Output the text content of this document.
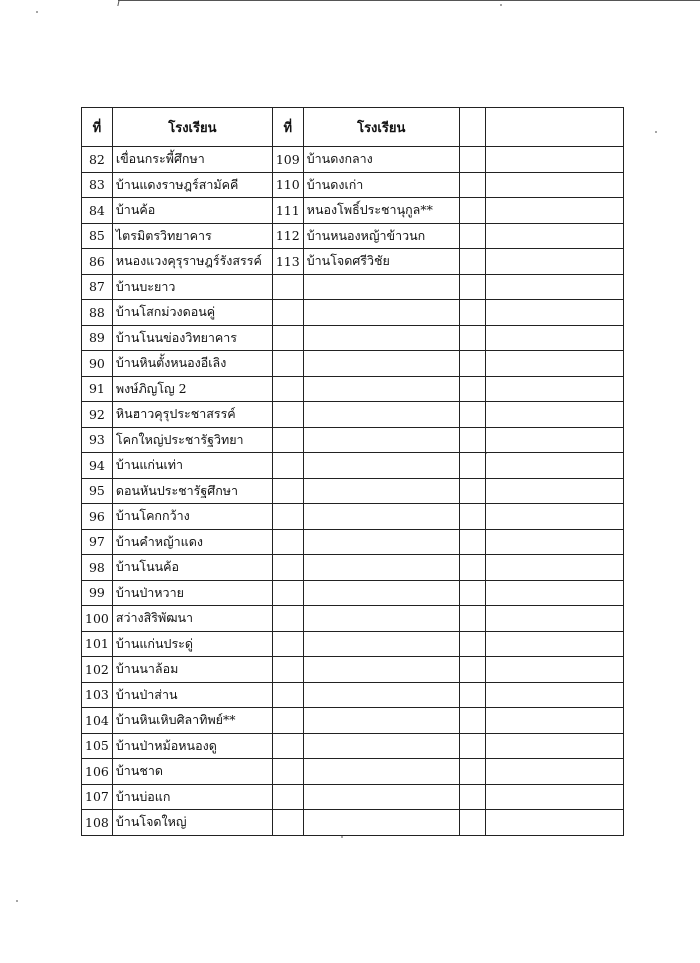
ที่	โรงเรียน	ที่	โรงเรียน		
82	เขื่อนกระพี้ศึกษา	109	บ้านดงกลาง		
83	บ้านแดงราษฎร์สามัคคี	110	บ้านดงเก่า		
84	บ้านค้อ	111	หนองโพธิ์ประชานุกูล**		
85	ไตรมิตรวิทยาคาร	112	บ้านหนองหญ้าข้าวนก		
86	หนองแวงคุรุราษฎร์รังสรรค์	113	บ้านโจดศรีวิชัย		
87	บ้านบะยาว				
88	บ้านโสกม่วงดอนคู่				
89	บ้านโนนข่องวิทยาคาร				
90	บ้านหินตั้งหนองอีเลิง				
91	พงษ์ภิญโญ 2				
92	หินฮาวคุรุประชาสรรค์				
93	โคกใหญ่ประชารัฐวิทยา				
94	บ้านแก่นเท่า				
95	ดอนหันประชารัฐศึกษา				
96	บ้านโคกกว้าง				
97	บ้านคำหญ้าแดง				
98	บ้านโนนค้อ				
99	บ้านป่าหวาย				
100	สว่างสิริพัฒนา				
101	บ้านแก่นประดู่				
102	บ้านนาล้อม				
103	บ้านป่าส่าน				
104	บ้านหินเหิบศิลาทิพย์**				
105	บ้านป่าหม้อหนองดู				
106	บ้านชาด				
107	บ้านบ่อแก				
108	บ้านโจดใหญ่				
